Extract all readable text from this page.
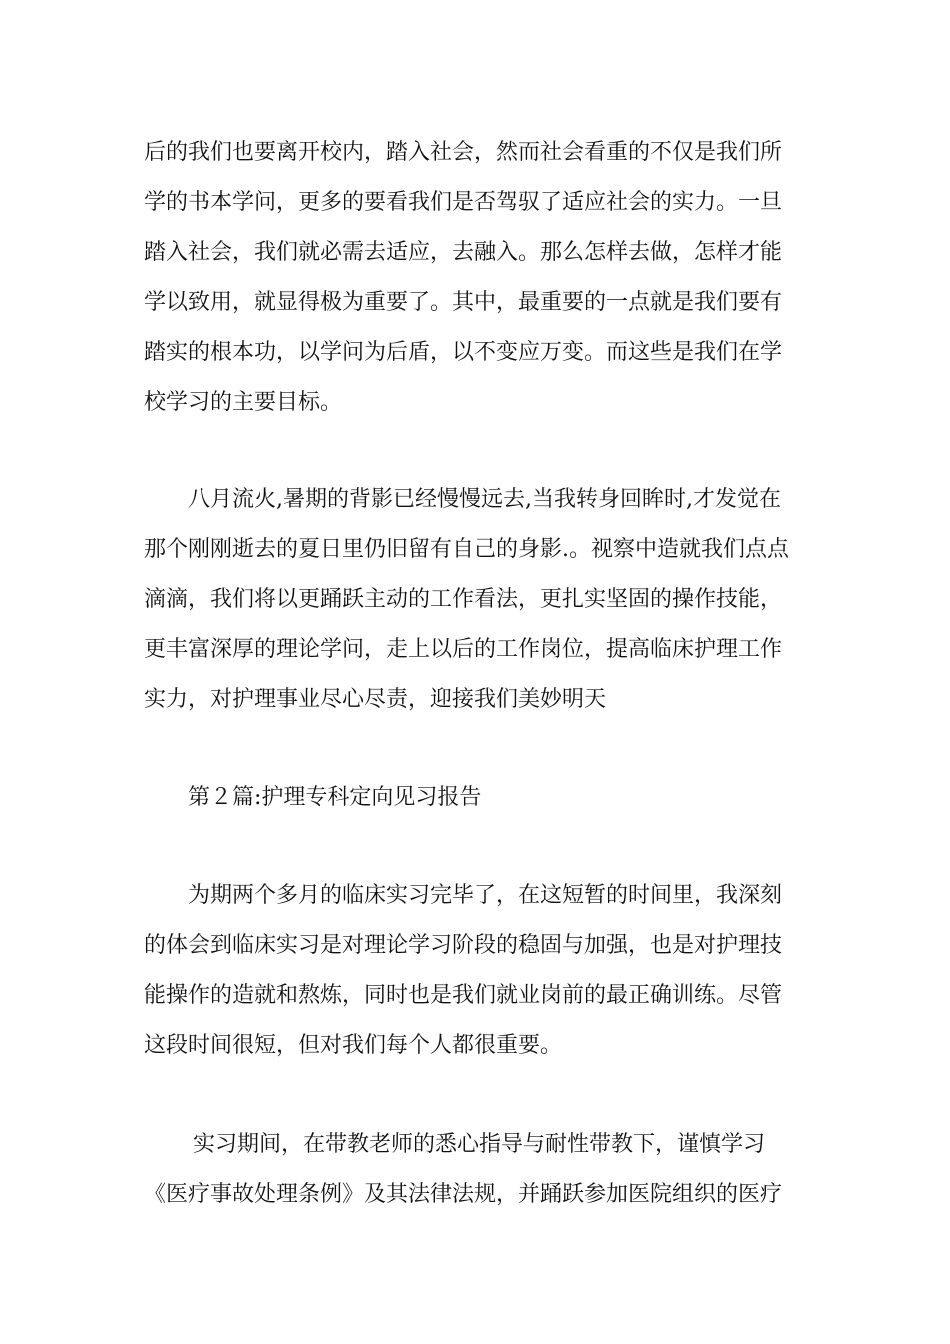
后的我们也要离开校内，踏入社会，然而社会看重的不仅是我们所
学的书本学问，更多的要看我们是否驾驭了适应社会的实力。一旦
踏入社会，我们就必需去适应，去融入。那么怎样去做，怎样才能
学以致用，就显得极为重要了。其中，最重要的一点就是我们要有
踏实的根本功，以学问为后盾，以不变应万变。而这些是我们在学
校学习的主要目标。
八月流火,暑期的背影已经慢慢远去,当我转身回眸时,才发觉在
那个刚刚逝去的夏日里仍旧留有自己的身影.。视察中造就我们点点
滴滴，我们将以更踊跃主动的工作看法，更扎实坚固的操作技能，
更丰富深厚的理论学问，走上以后的工作岗位，提高临床护理工作
实力，对护理事业尽心尽责，迎接我们美妙明天
第２篇:护理专科定向见习报告
为期两个多月的临床实习完毕了，在这短暂的时间里，我深刻
的体会到临床实习是对理论学习阶段的稳固与加强，也是对护理技
能操作的造就和熬炼，同时也是我们就业岗前的最正确训练。尽管
这段时间很短，但对我们每个人都很重要。
实习期间，在带教老师的悉心指导与耐性带教下，谨慎学习
《医疗事故处理条例》及其法律法规，并踊跃参加医院组织的医疗
